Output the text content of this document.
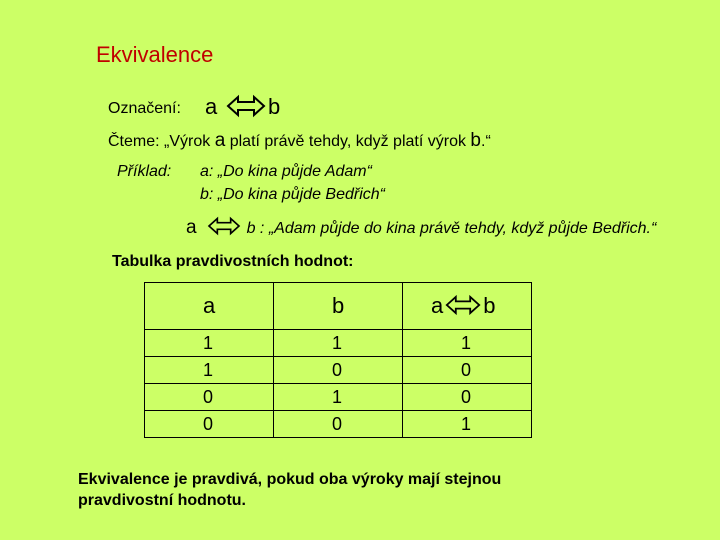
Ekvivalence
Označení: a b
Čteme: „Výrok a platí právě tehdy, když platí výrok b.“
Příklad: a: „Do kina půjde Adam“
b: „Do kina půjde Bedřich“
a	b : „Adam půjde do kina právě tehdy, když půjde Bedřich.“
Tabulka pravdivostních hodnot:
a	b	a b
1	1	1
1	0	0
0	1	0
0	0	1
Ekvivalence je pravdivá, pokud oba výroky mají stejnou pravdivostní hodnotu.
